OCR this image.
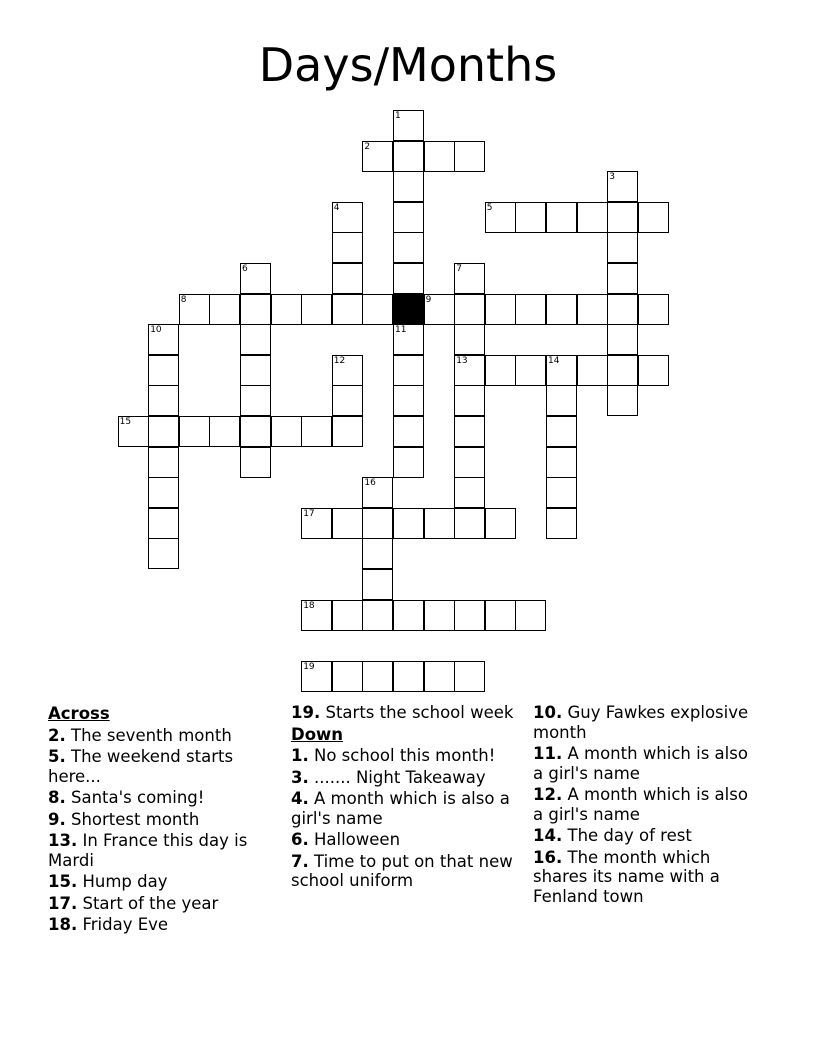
Days/Months
1
2
3
4	5
6	7
8	9
10	11
12	13	14
15
16
17
18
19
Across
2. The seventh month
5. The weekend starts here...
8. Santa's coming!
9. Shortest month
13. In France this day is Mardi
15. Hump day
17. Start of the year
18. Friday Eve
19. Starts the school week
Down
1. No school this month!
3. ....... Night Takeaway
4. A month which is also a girl's name
6. Halloween
7. Time to put on that new school uniform
10. Guy Fawkes explosive month
11. A month which is also a girl's name
12. A month which is also a girl's name
14. The day of rest
16. The month which shares its name with a Fenland town
